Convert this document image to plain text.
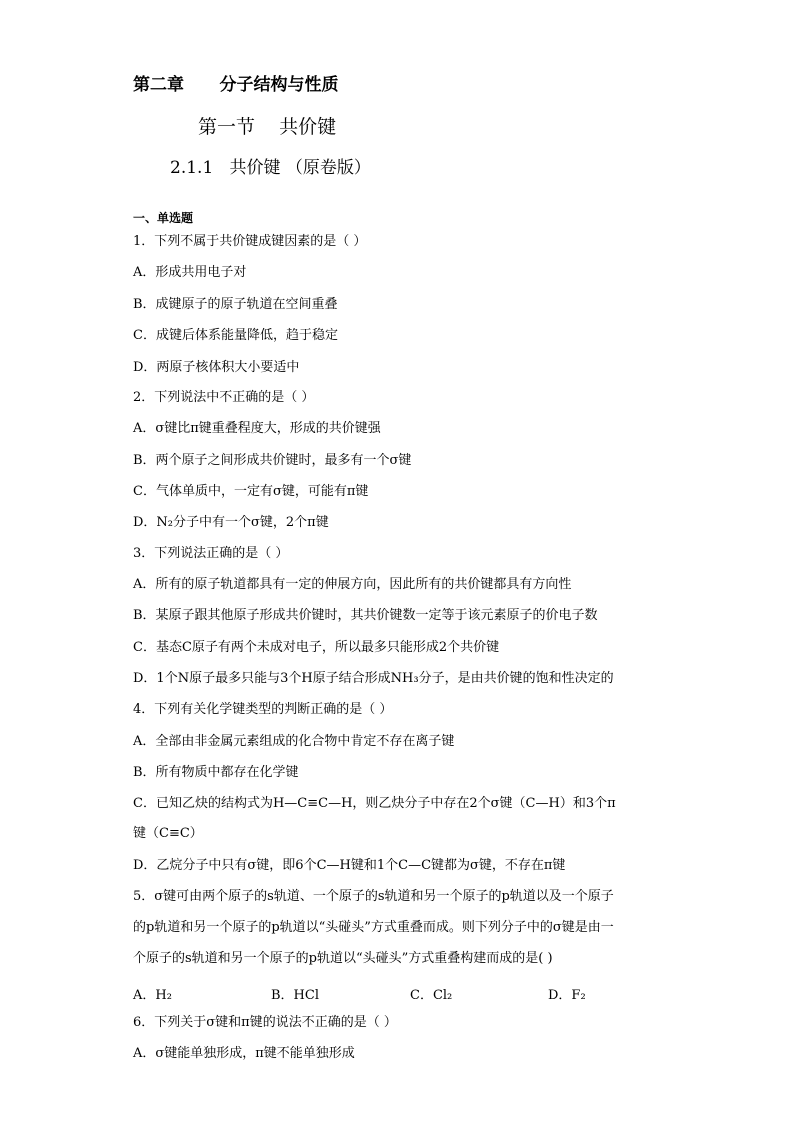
第二章      分子结构与性质
第一节    共价键
2.1.1   共价键 （原卷版）
一、单选题
1．下列不属于共价键成键因素的是（ ）
A．形成共用电子对
B．成键原子的原子轨道在空间重叠
C．成键后体系能量降低，趋于稳定
D．两原子核体积大小要适中
2．下列说法中不正确的是（ ）
A．σ键比π键重叠程度大，形成的共价键强
B．两个原子之间形成共价键时，最多有一个σ键
C．气体单质中，一定有σ键，可能有π键
D．N₂分子中有一个σ键，2个π键
3．下列说法正确的是（ ）
A．所有的原子轨道都具有一定的伸展方向，因此所有的共价键都具有方向性
B．某原子跟其他原子形成共价键时，其共价键数一定等于该元素原子的价电子数
C．基态C原子有两个未成对电子，所以最多只能形成2个共价键
D．1个N原子最多只能与3个H原子结合形成NH₃分子，是由共价键的饱和性决定的
4．下列有关化学键类型的判断正确的是（ ）
A．全部由非金属元素组成的化合物中肯定不存在离子键
B．所有物质中都存在化学键
C．已知乙炔的结构式为H—C≡C—H，则乙炔分子中存在2个σ键（C—H）和3个π
键（C≡C）
D．乙烷分子中只有σ键，即6个C—H键和1个C—C键都为σ键，不存在π键
5．σ键可由两个原子的s轨道、一个原子的s轨道和另一个原子的p轨道以及一个原子
的p轨道和另一个原子的p轨道以“头碰头”方式重叠而成。则下列分子中的σ键是由一
个原子的s轨道和另一个原子的p轨道以“头碰头”方式重叠构建而成的是( )
A．H₂	B．HCl	C．Cl₂	D．F₂
6．下列关于σ键和π键的说法不正确的是（ ）
A．σ键能单独形成，π键不能单独形成
